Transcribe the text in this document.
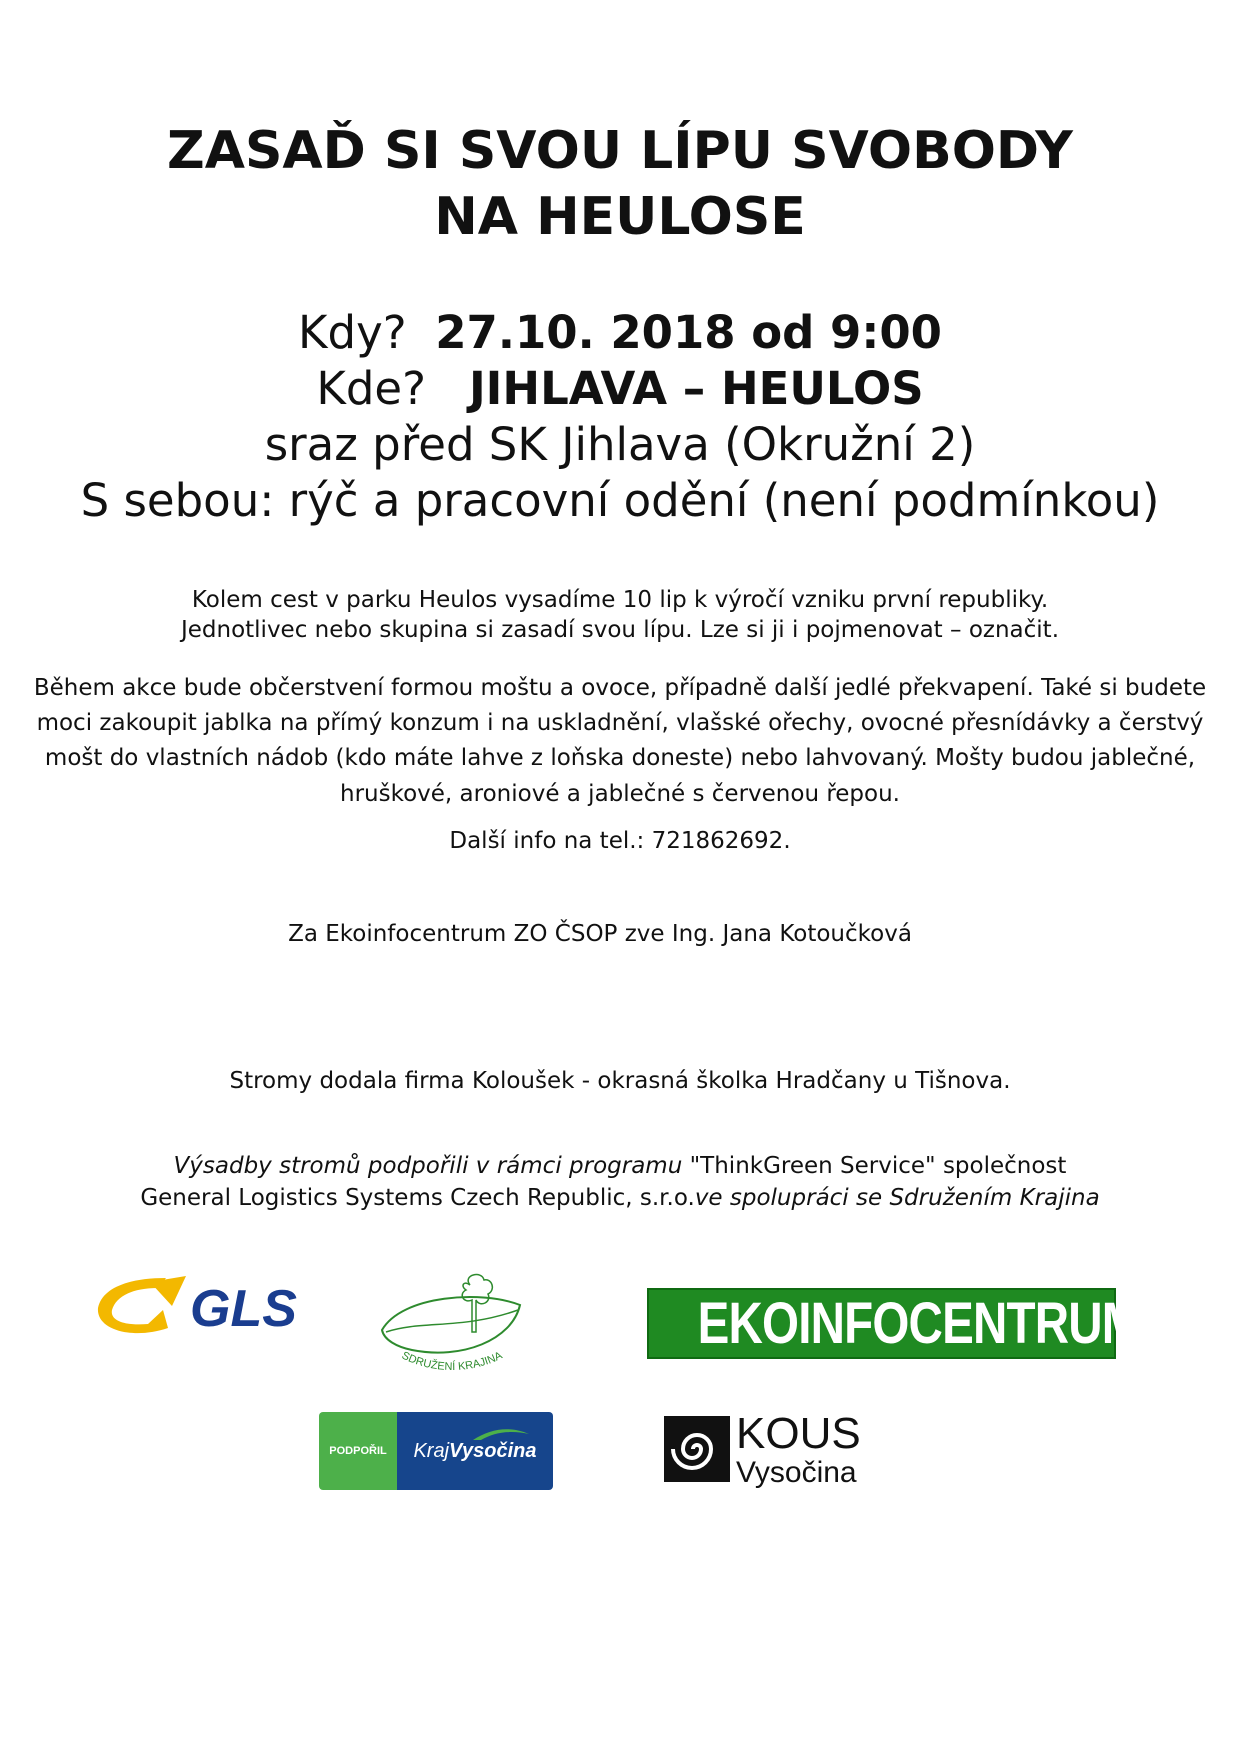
ZASAĎ SI SVOU LÍPU SVOBODY
NA HEULOSE
Kdy? 27.10. 2018 od 9:00
Kde? JIHLAVA – HEULOS
sraz před SK Jihlava (Okružní 2)
S sebou: rýč a pracovní odění (není podmínkou)
Kolem cest v parku Heulos vysadíme 10 lip k výročí vzniku první republiky.
Jednotlivec nebo skupina si zasadí svou lípu. Lze si ji i pojmenovat – označit.
Během akce bude občerstvení formou moštu a ovoce, případně další jedlé překvapení. Také si budete
moci zakoupit jablka na přímý konzum i na uskladnění, vlašské ořechy, ovocné přesnídávky a čerstvý
mošt do vlastních nádob (kdo máte lahve z loňska doneste) nebo lahvovaný. Mošty budou jablečné,
hruškové, aroniové a jablečné s červenou řepou.
Další info na tel.: 721862692.
Za Ekoinfocentrum ZO ČSOP zve Ing. Jana Kotoučková
Stromy dodala firma Koloušek - okrasná školka Hradčany u Tišnova.
Výsadby stromů podpořili v rámci programu "ThinkGreen Service" společnost
General Logistics Systems Czech Republic, s.r.o.ve spolupráci se Sdružením Krajina
GLS
SDRUŽENÍ KRAJINA
EKOINFOCENTRUM
PODPOŘIL	Kraj Vysočina	KOUS
Vysočina
